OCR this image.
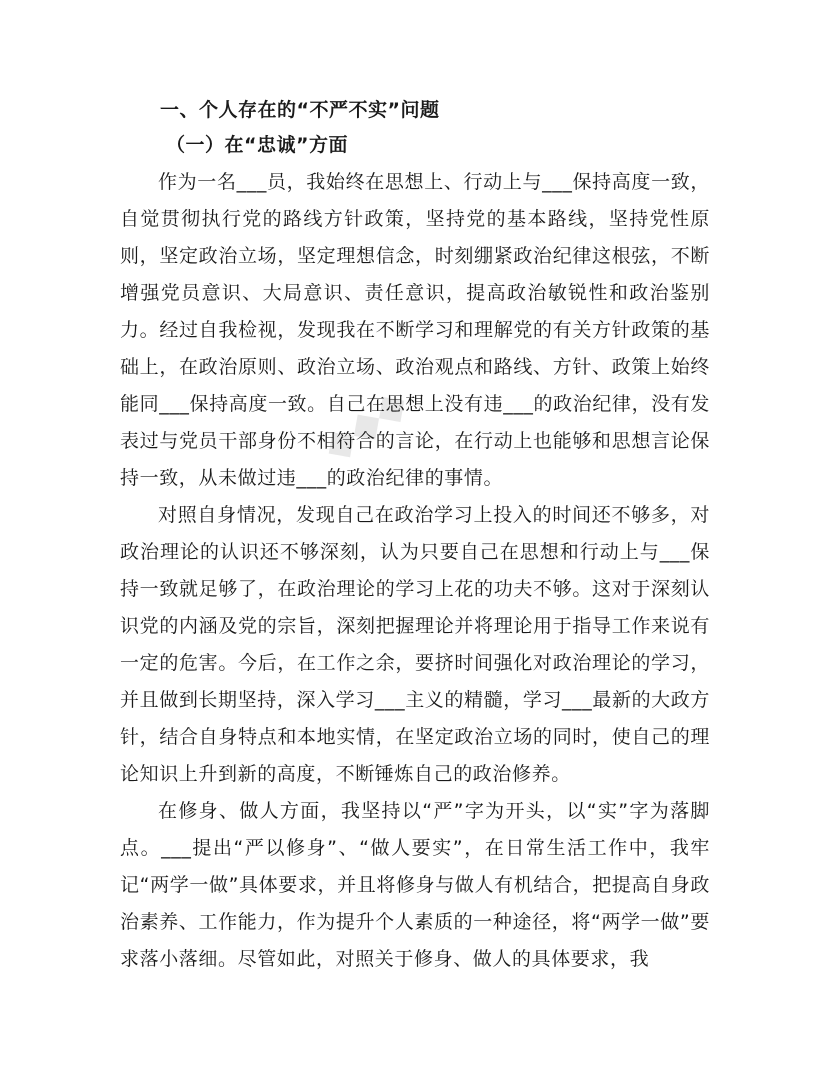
◆◆◆

一、个人存在的“不严不实”问题

（一）在“忠诚”方面

作为一名___员，我始终在思想上、行动上与___保持高度一致，自觉贯彻执行党的路线方针政策，坚持党的基本路线，坚持党性原则，坚定政治立场，坚定理想信念，时刻绷紧政治纪律这根弦，不断增强党员意识、大局意识、责任意识，提高政治敏锐性和政治鉴别力。经过自我检视，发现我在不断学习和理解党的有关方针政策的基础上，在政治原则、政治立场、政治观点和路线、方针、政策上始终能同___保持高度一致。自己在思想上没有违___的政治纪律，没有发表过与党员干部身份不相符合的言论，在行动上也能够和思想言论保持一致，从未做过违___的政治纪律的事情。

对照自身情况，发现自己在政治学习上投入的时间还不够多，对政治理论的认识还不够深刻，认为只要自己在思想和行动上与___保持一致就足够了，在政治理论的学习上花的功夫不够。这对于深刻认识党的内涵及党的宗旨，深刻把握理论并将理论用于指导工作来说有一定的危害。今后，在工作之余，要挤时间强化对政治理论的学习，并且做到长期坚持，深入学习___主义的精髓，学习___最新的大政方针，结合自身特点和本地实情，在坚定政治立场的同时，使自己的理论知识上升到新的高度，不断锤炼自己的政治修养。

在修身、做人方面，我坚持以“严”字为开头，以“实”字为落脚点。___提出“严以修身”、“做人要实”，在日常生活工作中，我牢记“两学一做”具体要求，并且将修身与做人有机结合，把提高自身政治素养、工作能力，作为提升个人素质的一种途径，将“两学一做”要求落小落细。尽管如此，对照关于修身、做人的具体要求，我
